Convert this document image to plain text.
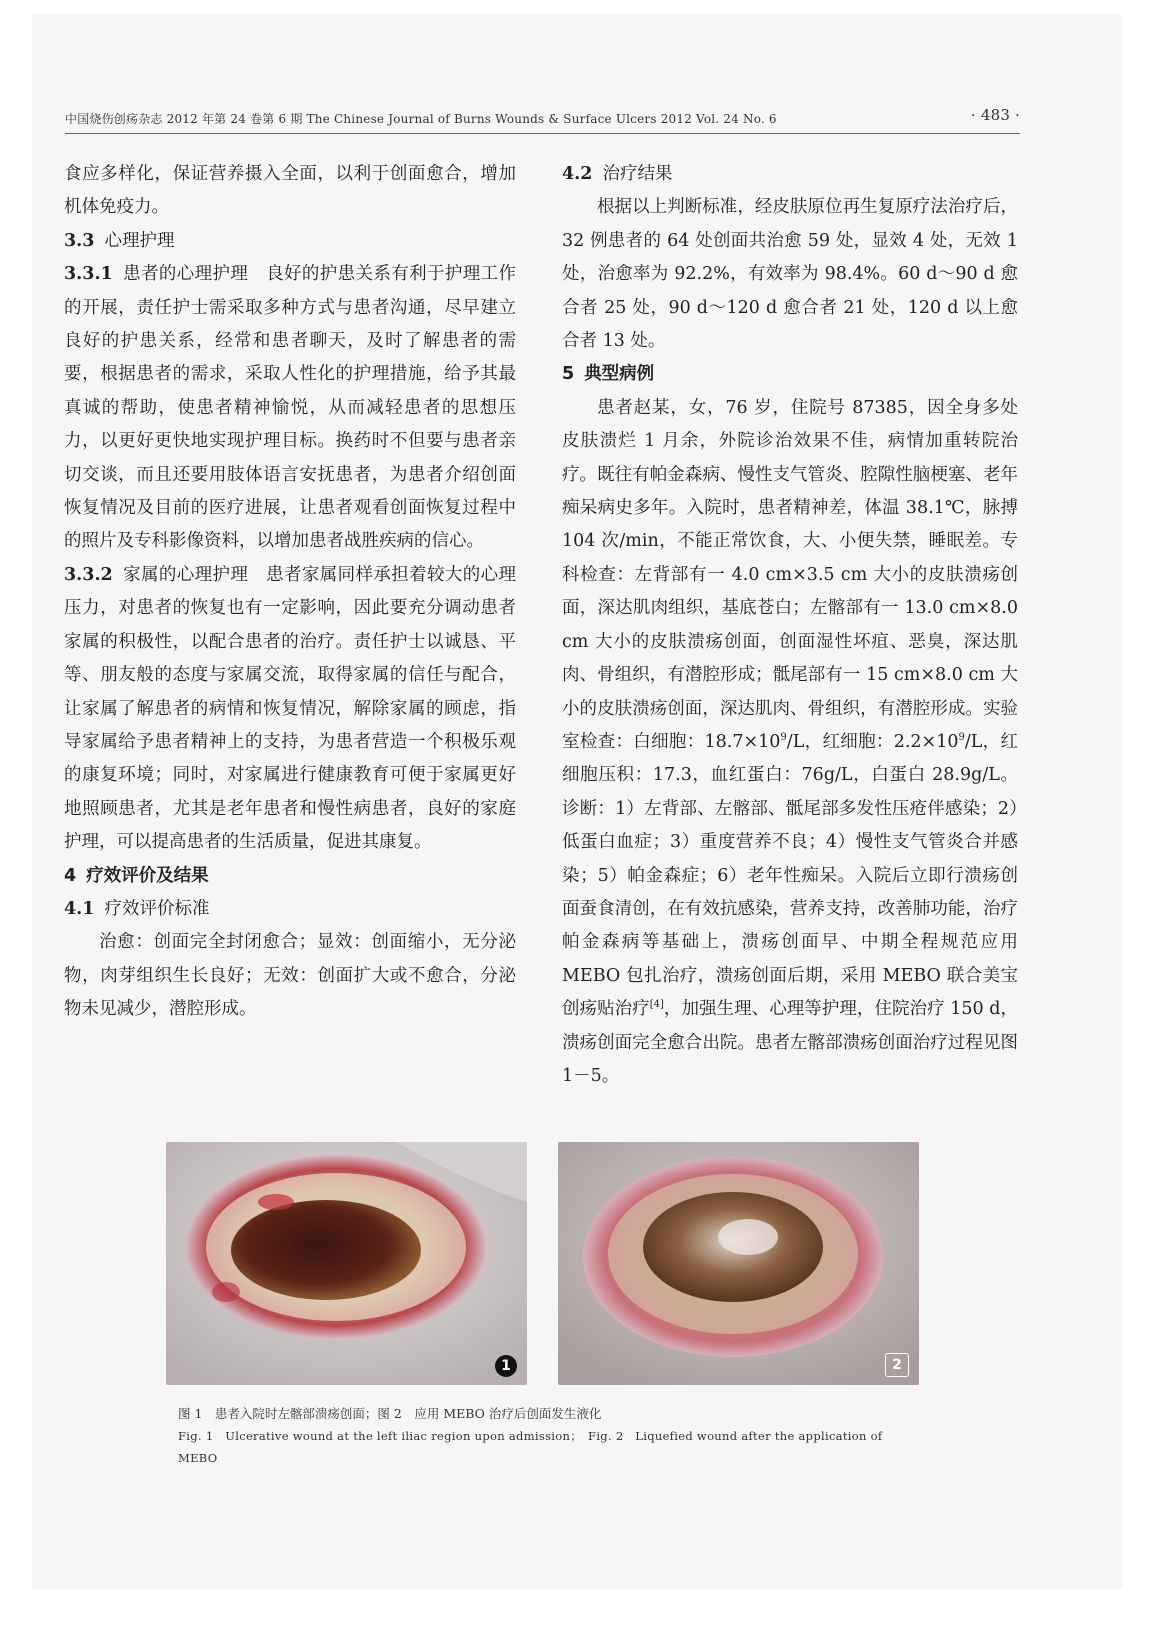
中国烧伤创疡杂志 2012 年第 24 卷第 6 期 The Chinese Journal of Burns Wounds & Surface Ulcers 2012 Vol. 24 No. 6	· 483 ·

食应多样化，保证营养摄入全面，以利于创面愈合，增加机体免疫力。

3.3 心理护理

3.3.1 患者的心理护理　 良好的护患关系有利于护理工作的开展，责任护士需采取多种方式与患者沟通，尽早建立良好的护患关系，经常和患者聊天，及时了解患者的需要，根据患者的需求，采取人性化的护理措施，给予其最真诚的帮助，使患者精神愉悦，从而减轻患者的思想压力，以更好更快地实现护理目标。换药时不但要与患者亲切交谈，而且还要用肢体语言安抚患者，为患者介绍创面恢复情况及目前的医疗进展，让患者观看创面恢复过程中的照片及专科影像资料，以增加患者战胜疾病的信心。

3.3.2 家属的心理护理　 患者家属同样承担着较大的心理压力，对患者的恢复也有一定影响，因此要充分调动患者家属的积极性，以配合患者的治疗。责任护士以诚恳、平等、朋友般的态度与家属交流，取得家属的信任与配合，让家属了解患者的病情和恢复情况，解除家属的顾虑，指导家属给予患者精神上的支持，为患者营造一个积极乐观的康复环境；同时，对家属进行健康教育可便于家属更好地照顾患者，尤其是老年患者和慢性病患者，良好的家庭护理，可以提高患者的生活质量，促进其康复。

4 疗效评价及结果

4.1 疗效评价标准

治愈：创面完全封闭愈合；显效：创面缩小，无分泌物，肉芽组织生长良好；无效：创面扩大或不愈合，分泌物未见减少，潜腔形成。

4.2 治疗结果

根据以上判断标准，经皮肤原位再生复原疗法治疗后，32 例患者的 64 处创面共治愈 59 处，显效 4 处，无效 1 处，治愈率为 92.2%，有效率为 98.4%。60 d～90 d 愈合者 25 处，90 d～120 d 愈合者 21 处，120 d 以上愈合者 13 处。

5 典型病例

患者赵某，女，76 岁，住院号 87385，因全身多处皮肤溃烂 1 月余，外院诊治效果不佳，病情加重转院治疗。既往有帕金森病、慢性支气管炎、腔隙性脑梗塞、老年痴呆病史多年。入院时，患者精神差，体温 38.1℃，脉搏 104 次/min，不能正常饮食，大、小便失禁，睡眠差。专科检查：左背部有一 4.0 cm×3.5 cm 大小的皮肤溃疡创面，深达肌肉组织，基底苍白；左髂部有一 13.0 cm×8.0 cm 大小的皮肤溃疡创面，创面湿性坏疽、恶臭，深达肌肉、骨组织，有潜腔形成；骶尾部有一 15 cm×8.0 cm 大小的皮肤溃疡创面，深达肌肉、骨组织，有潜腔形成。实验室检查：白细胞：$18.7\times 10^9/L$，红细胞：$2.2\times 10^9/L$，红细胞压积：17.3，血红蛋白：76g/L，白蛋白 28.9g/L。诊断：1）左背部、左髂部、骶尾部多发性压疮伴感染；2）低蛋白血症；3）重度营养不良；4）慢性支气管炎合并感染；5）帕金森症；6）老年性痴呆。入院后立即行溃疡创面蚕食清创，在有效抗感染，营养支持，改善肺功能，治疗帕金森病等基础上，溃疡创面早、中期全程规范应用 MEBO 包扎治疗，溃疡创面后期，采用 MEBO 联合美宝创疡贴治疗[4]，加强生理、心理等护理，住院治疗 150 d，溃疡创面完全愈合出院。患者左髂部溃疡创面治疗过程见图 1－5。

1	2
图 1　患者入院时左髂部溃疡创面；图 2　应用 MEBO 治疗后创面发生液化
Fig. 1　Ulcerative wound at the left iliac region upon admission；　Fig. 2　Liquefied wound after the application of MEBO
